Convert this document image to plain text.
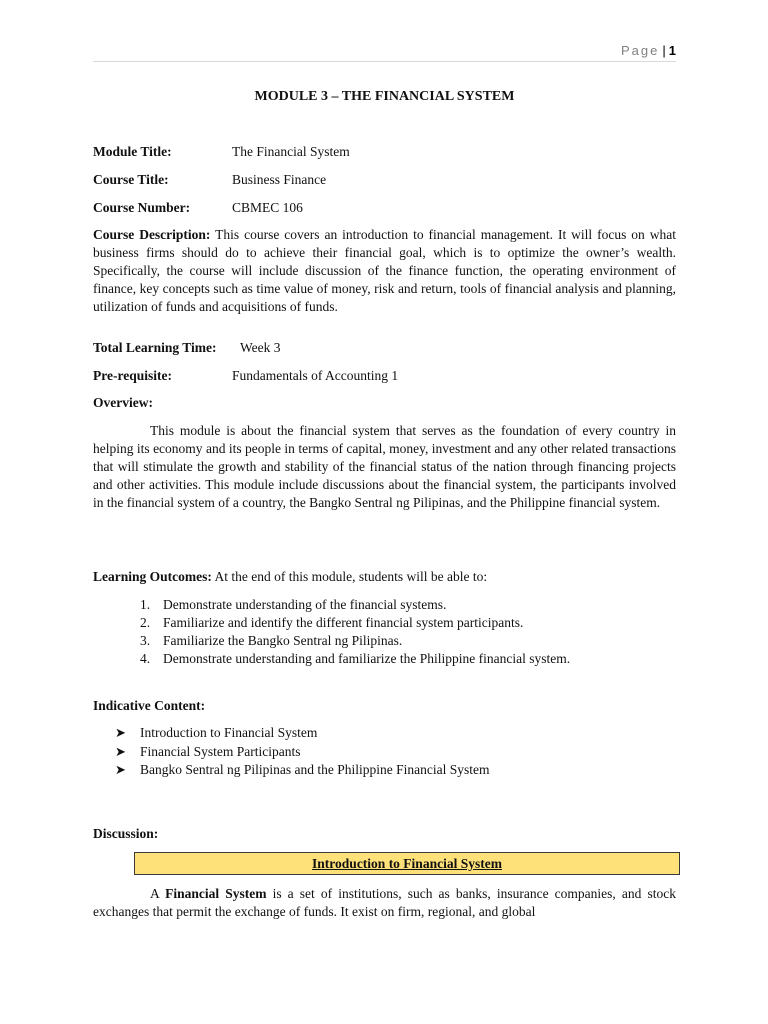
Page | 1
MODULE 3 – THE FINANCIAL SYSTEM
Module Title:	The Financial System
Course Title:	Business Finance
Course Number:	CBMEC 106

Course Description: This course covers an introduction to financial management. It will focus on what business firms should do to achieve their financial goal, which is to optimize the owner’s wealth. Specifically, the course will include discussion of the finance function, the operating environment of finance, key concepts such as time value of money, risk and return, tools of financial analysis and planning, utilization of funds and acquisitions of funds.

Total Learning Time: Week 3
Pre-requisite:	Fundamentals of Accounting 1
Overview:

This module is about the financial system that serves as the foundation of every country in helping its economy and its people in terms of capital, money, investment and any other related transactions that will stimulate the growth and stability of the financial status of the nation through financing projects and other activities. This module include discussions about the financial system, the participants involved in the financial system of a country, the Bangko Sentral ng Pilipinas, and the Philippine financial system.

Learning Outcomes: At the end of this module, students will be able to:
1. Demonstrate understanding of the financial systems.
2. Familiarize and identify the different financial system participants.
3. Familiarize the Bangko Sentral ng Pilipinas.
4. Demonstrate understanding and familiarize the Philippine financial system.
Indicative Content:
➤ Introduction to Financial System
➤ Financial System Participants
➤ Bangko Sentral ng Pilipinas and the Philippine Financial System
Discussion:
Introduction to Financial System

A Financial System is a set of institutions, such as banks, insurance companies, and stock exchanges that permit the exchange of funds. It exist on firm, regional, and global
